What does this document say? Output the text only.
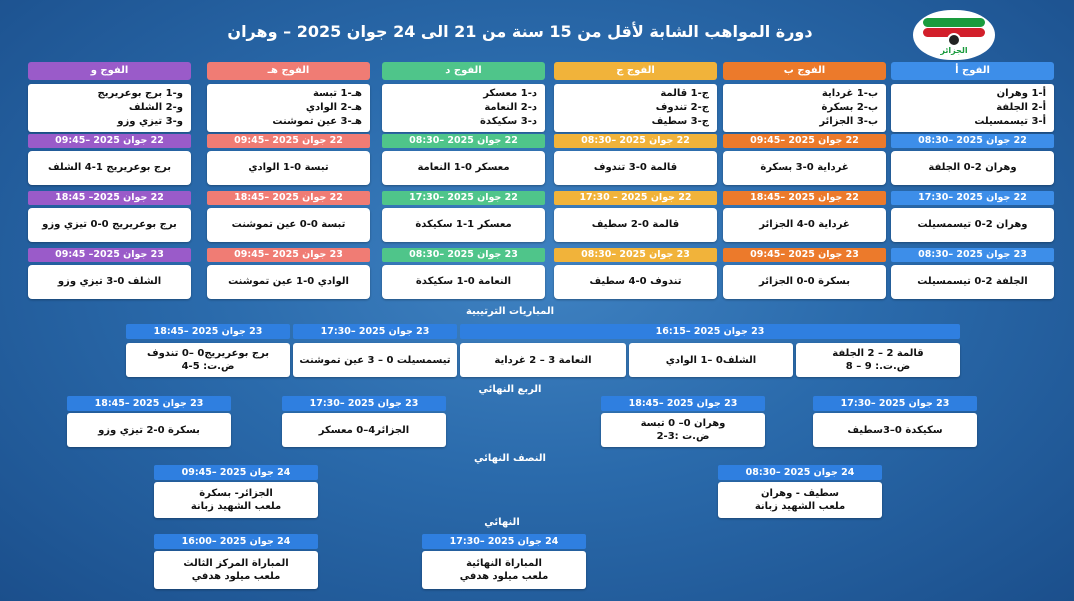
دورة المواهب الشابة لأقل من 15 سنة من 21 الى 24 جوان 2025 – وهران
الجزائر
الفوج أ
أ-1 وهران
أ-2 الجلفة
أ-3 تيسمسيلت
الفوج ب
ب-1 غرداية
ب-2 بسكرة
ب-3 الجزائر
الفوج ج
ج-1 قالمة
ج-2 تندوف
ج-3 سطيف
الفوج د
د-1 معسكر
د-2 النعامة
د-3 سكيكدة
الفوج هـ
هـ-1 تبسة
هـ-2 الوادي
هـ-3 عين تموشنت
الفوج و
و-1 برج بوعريريج
و-2 الشلف
و-3 تيزي وزو
22 جوان 2025 –08:30
وهران 2-0 الجلفة
22 جوان 2025 –17:30
وهران 2-0 تيسمسيلت
23 جوان 2025 –08:30
الجلفة 2-0 تيسمسيلت
22 جوان 2025 –09:45
غرداية 0-3 بسكرة
22 جوان 2025 –18:45
غرداية 0-4 الجزائر
23 جوان 2025 –09:45
بسكرة 0-0 الجزائر
22 جوان 2025 –08:30
قالمة 0-3 تندوف
22 جوان 2025 – 17:30
قالمة 0-2 سطيف
23 جوان 2025 –08:30
تندوف 0-4 سطيف
22 جوان 2025 –08:30
معسكر 0-1 النعامة
22 جوان 2025 –17:30
معسكر 1-1 سكيكدة
23 جوان 2025 –08:30
النعامة 0-1 سكيكدة
22 جوان 2025 –09:45
تبسة 0-1 الوادي
22 جوان 2025 –18:45
تبسة 0-0 عين تموشنت
23 جوان 2025 –09:45
الوادي 0-1 عين تموشنت
22 جوان 2025 –09:45
برج بوعريريج 1-4 الشلف
22 جوان 2025– 18:45
برج بوعريريج 0-0 تيزي وزو
23 جوان 2025– 09:45
الشلف 0-3 تيزي وزو
المباريات الترتيبية
23 جوان 2025 –16:15
23 جوان 2025 –17:30
23 جوان 2025 –18:45
قالمة 2 – 2 الجلفة
ض.ت.: 9 – 8
الشلف0 –1 الوادي
النعامة 3 – 2 غرداية
تيسمسيلت 0 – 3 عين تموشنت
برج بوعريريج0 –0 تندوف
ض.ت: 5-4
الربع النهائي
23 جوان 2025 –17:30
سكيكدة 0–3سطيف
23 جوان 2025 –18:45
وهران 0– 0 تبسة
ض.ت :3-2
23 جوان 2025 –17:30
الجزائر4–0 معسكر
23 جوان 2025 –18:45
بسكرة 0-2 تيزي وزو
النصف النهائي
24 جوان 2025 –08:30
سطيف - وهران
ملعب الشهيد زبانة
24 جوان 2025 –09:45
الجزائر- بسكرة
ملعب الشهيد زبانة
النهائي
24 جوان 2025 –17:30
المباراة النهائية
ملعب ميلود هدفي
24 جوان 2025 –16:00
المباراة المركز الثالث
ملعب ميلود هدفي
